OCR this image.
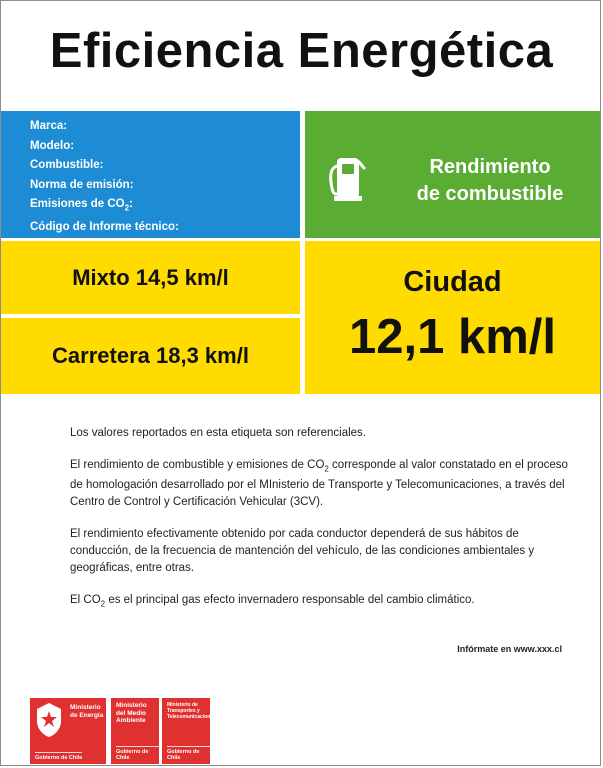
Eficiencia Energética
Marca:
Modelo:
Combustible:
Norma de emisión:
Emisiones de $CO_2$:
Código de Informe técnico:
Rendimiento
de combustible
Mixto 14,5 km/l
Carretera 18,3 km/l
Ciudad
12,1 km/l

Los valores reportados en esta etiqueta son referenciales.

El rendimiento de combustible y emisiones de $CO_2$ corresponde al valor constatado en el proceso de homologación desarrollado por el MInisterio de Transporte y Telecomunicaciones, a través del Centro de Control y Certificación Vehicular (3CV).

El rendimiento efectivamente obtenido por cada conductor dependerá de sus hábitos de conducción, de la frecuencia de mantención del vehículo, de las condiciones ambientales y geográficas, entre otras.

El $CO_2$ es el principal gas efecto invernadero responsable del cambio climático.

Infórmate en www.xxx.cl
Ministerio de Energía
Gobierno de Chile
Ministerio del Medio Ambiente
Gobierno de Chile
Ministerio de Transportes y Telecomunicaciones
Gobierno de Chile
